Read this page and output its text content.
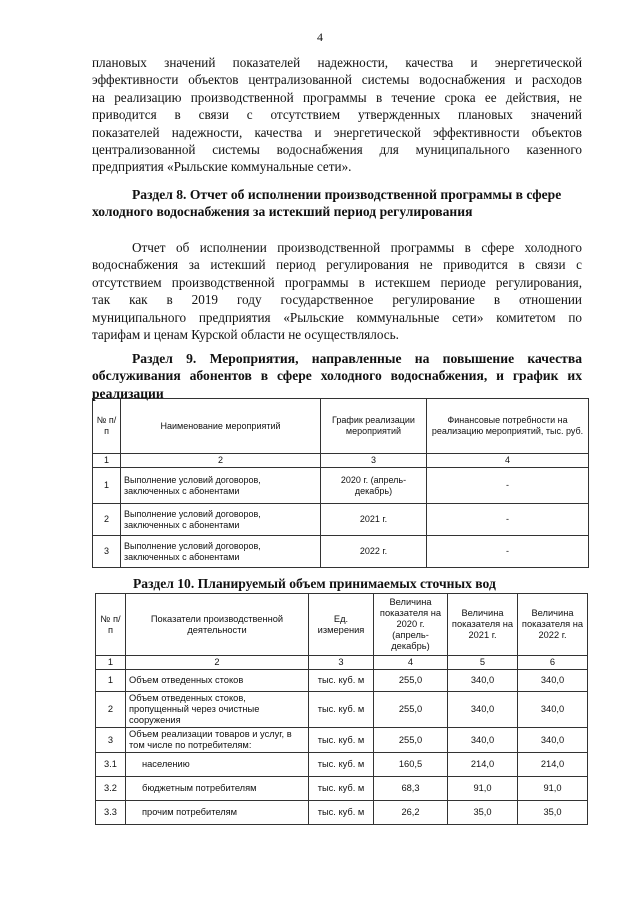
4

плановых значений показателей надежности, качества и энергетической
эффективности объектов централизованной системы водоснабжения и расходов
на реализацию производственной программы в течение срока ее действия, не
приводится в связи с отсутствием утвержденных плановых значений
показателей надежности, качества и энергетической эффективности объектов
централизованной системы водоснабжения для муниципального казенного
предприятия «Рыльские коммунальные сети».

Раздел 8. Отчет об исполнении производственной программы в сфере
холодного водоснабжения за истекший период регулирования

Отчет об исполнении производственной программы в сфере холодного
водоснабжения за истекший период регулирования не приводится в связи с
отсутствием производственной программы в истекшем периоде регулирования,
так как в 2019 году государственное регулирование в отношении
муниципального предприятия «Рыльские коммунальные сети» комитетом по
тарифам и ценам Курской области не осуществлялось.

Раздел 9. Мероприятия, направленные на повышение качества
обслуживания абонентов в сфере холодного водоснабжения, и график их
реализации
№ п/п	Наименование мероприятий	График реализации мероприятий	Финансовые потребности на реализацию мероприятий, тыс. руб.
1	2	3	4
1	Выполнение условий договоров, заключенных с абонентами	2020 г. (апрель-декабрь)	-
2	Выполнение условий договоров, заключенных с абонентами	2021 г.	-
3	Выполнение условий договоров, заключенных с абонентами	2022 г.	-
Раздел 10. Планируемый объем принимаемых сточных вод
№ п/п	Показатели производственной деятельности	Ед. измерения	Величина показателя на 2020 г. (апрель-декабрь)	Величина показателя на 2021 г.	Величина показателя на 2022 г.
1	2	3	4	5	6
1	Объем отведенных стоков	тыс. куб. м	255,0	340,0	340,0
2	Объем отведенных стоков, пропущенный через очистные сооружения	тыс. куб. м	255,0	340,0	340,0
3	Объем реализации товаров и услуг, в том числе по потребителям:	тыс. куб. м	255,0	340,0	340,0
3.1	населению	тыс. куб. м	160,5	214,0	214,0
3.2	бюджетным потребителям	тыс. куб. м	68,3	91,0	91,0
3.3	прочим потребителям	тыс. куб. м	26,2	35,0	35,0
